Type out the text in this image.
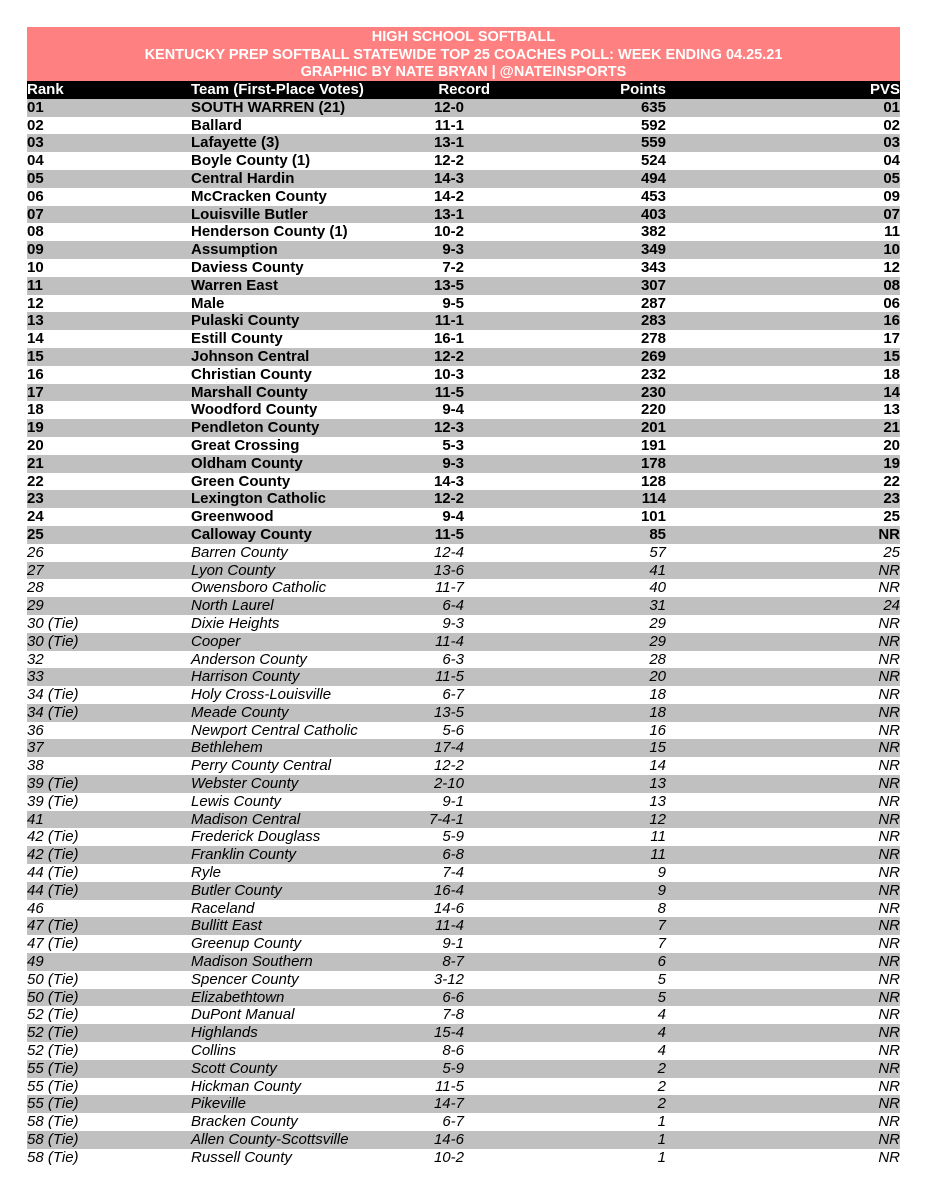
HIGH SCHOOL SOFTBALL
KENTUCKY PREP SOFTBALL STATEWIDE TOP 25 COACHES POLL: WEEK ENDING 04.25.21
GRAPHIC BY NATE BRYAN | @NATEINSPORTS
Rank	Team (First-Place Votes)	Record	Points	PVS
01	SOUTH WARREN (21)	12-0	635	01
02	Ballard	11-1	592	02
03	Lafayette (3)	13-1	559	03
04	Boyle County (1)	12-2	524	04
05	Central Hardin	14-3	494	05
06	McCracken County	14-2	453	09
07	Louisville Butler	13-1	403	07
08	Henderson County (1)	10-2	382	11
09	Assumption	9-3	349	10
10	Daviess County	7-2	343	12
11	Warren East	13-5	307	08
12	Male	9-5	287	06
13	Pulaski County	11-1	283	16
14	Estill County	16-1	278	17
15	Johnson Central	12-2	269	15
16	Christian County	10-3	232	18
17	Marshall County	11-5	230	14
18	Woodford County	9-4	220	13
19	Pendleton County	12-3	201	21
20	Great Crossing	5-3	191	20
21	Oldham County	9-3	178	19
22	Green County	14-3	128	22
23	Lexington Catholic	12-2	114	23
24	Greenwood	9-4	101	25
25	Calloway County	11-5	85	NR
26	Barren County	12-4	57	25
27	Lyon County	13-6	41	NR
28	Owensboro Catholic	11-7	40	NR
29	North Laurel	6-4	31	24
30 (Tie)	Dixie Heights	9-3	29	NR
30 (Tie)	Cooper	11-4	29	NR
32	Anderson County	6-3	28	NR
33	Harrison County	11-5	20	NR
34 (Tie)	Holy Cross-Louisville	6-7	18	NR
34 (Tie)	Meade County	13-5	18	NR
36	Newport Central Catholic	5-6	16	NR
37	Bethlehem	17-4	15	NR
38	Perry County Central	12-2	14	NR
39 (Tie)	Webster County	2-10	13	NR
39 (Tie)	Lewis County	9-1	13	NR
41	Madison Central	7-4-1	12	NR
42 (Tie)	Frederick Douglass	5-9	11	NR
42 (Tie)	Franklin County	6-8	11	NR
44 (Tie)	Ryle	7-4	9	NR
44 (Tie)	Butler County	16-4	9	NR
46	Raceland	14-6	8	NR
47 (Tie)	Bullitt East	11-4	7	NR
47 (Tie)	Greenup County	9-1	7	NR
49	Madison Southern	8-7	6	NR
50 (Tie)	Spencer County	3-12	5	NR
50 (Tie)	Elizabethtown	6-6	5	NR
52 (Tie)	DuPont Manual	7-8	4	NR
52 (Tie)	Highlands	15-4	4	NR
52 (Tie)	Collins	8-6	4	NR
55 (Tie)	Scott County	5-9	2	NR
55 (Tie)	Hickman County	11-5	2	NR
55 (Tie)	Pikeville	14-7	2	NR
58 (Tie)	Bracken County	6-7	1	NR
58 (Tie)	Allen County-Scottsville	14-6	1	NR
58 (Tie)	Russell County	10-2	1	NR
